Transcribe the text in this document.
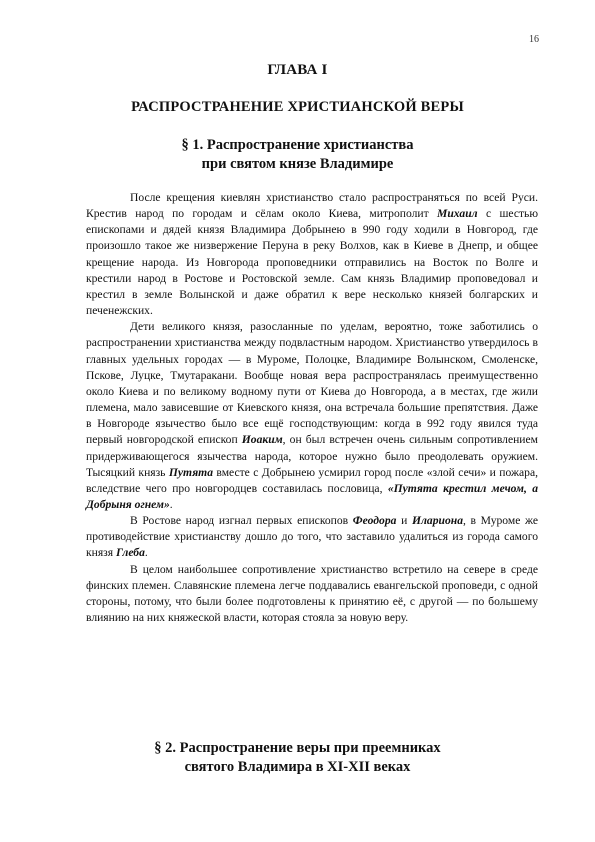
16
ГЛАВА I
РАСПРОСТРАНЕНИЕ ХРИСТИАНСКОЙ ВЕРЫ
§ 1. Распространение христианства
при святом князе Владимире

После крещения киевлян христианство стало распространяться по всей Руси. Крестив народ по городам и сёлам около Киева, митрополит Михаил с шестью епископами и дядей князя Владимира Добрынею в 990 году ходили в Новгород, где произошло такое же низвержение Перуна в реку Волхов, как в Киеве в Днепр, и общее крещение народа. Из Новгорода проповедники отправились на Восток по Волге и крестили народ в Ростове и Ростовской земле. Сам князь Владимир проповедовал и крестил в земле Волынской и даже обратил к вере несколько князей болгарских и печенежских.

Дети великого князя, разосланные по уделам, вероятно, тоже заботились о распространении христианства между подвластным народом. Христианство утвердилось в главных удельных городах — в Муроме, Полоцке, Владимире Волынском, Смоленске, Пскове, Луцке, Тмутаракани. Вообще новая вера распространялась преимущественно около Киева и по великому водному пути от Киева до Новгорода, а в местах, где жили племена, мало зависевшие от Киевского князя, она встречала большие препятствия. Даже в Новгороде язычество было все ещё господствующим: когда в 992 году явился туда первый новгородской епископ Иоаким, он был встречен очень сильным сопротивлением придерживающегося язычества народа, которое нужно было преодолевать оружием. Тысяцкий князь Путята вместе с Добрынею усмирил город после «злой сечи» и пожара, вследствие чего про новгородцев составилась пословица, «Путята крестил мечом, а Добрыня огнем».

В Ростове народ изгнал первых епископов Феодора и Илариона, в Муроме же противодействие христианству дошло до того, что заставило удалиться из города самого князя Глеба.

В целом наибольшее сопротивление христианство встретило на севере в среде финских племен. Славянские племена легче поддавались евангельской проповеди, с одной стороны, потому, что были более подготовлены к принятию её, с другой — по большему влиянию на них княжеской власти, которая стояла за новую веру.

§ 2. Распространение веры при преемниках
святого Владимира в XI-XII веках
